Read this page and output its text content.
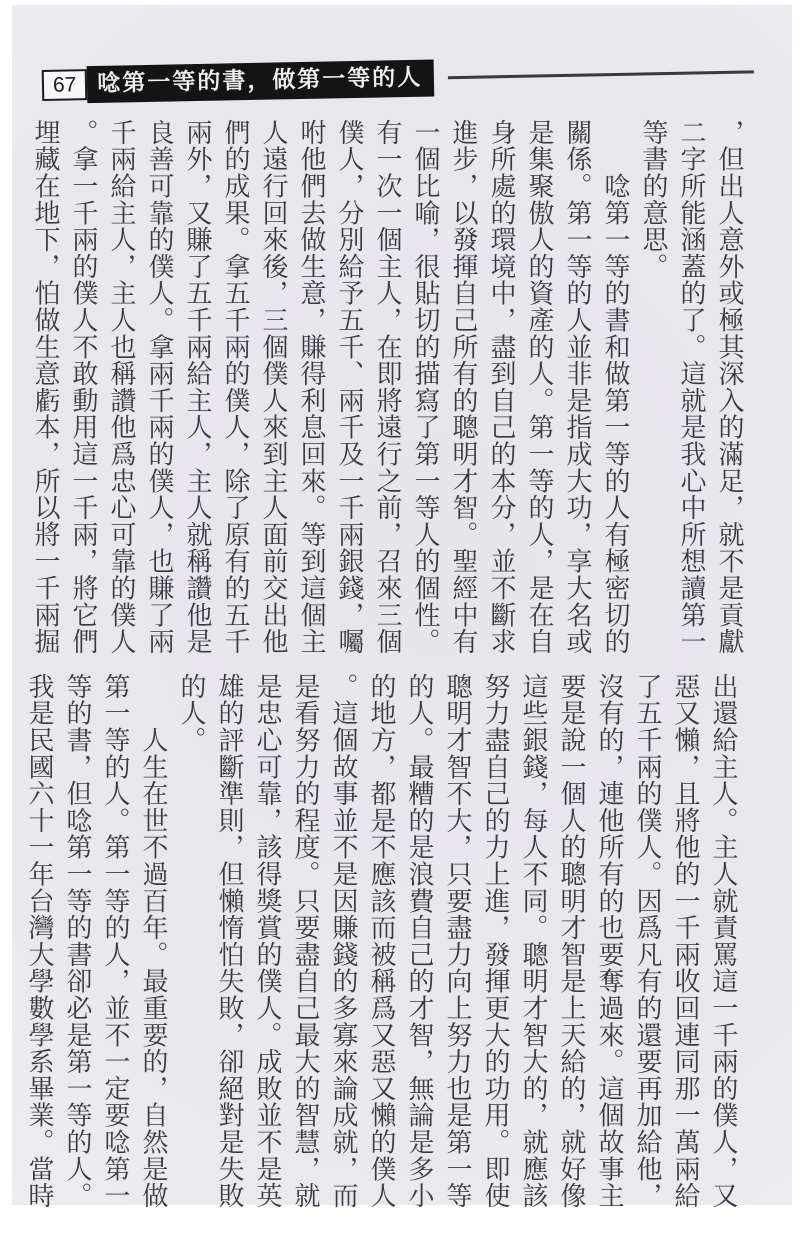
67 唸第一等的書，做第一等的人
，但出人意外或極其深入的滿足，就不是貢獻
二字所能涵蓋的了。這就是我心中所想讀第一
等書的意思。
　　唸第一等的書和做第一等的人有極密切的
關係。第一等的人並非是指成大功，享大名或
是集聚傲人的資產的人。第一等的人，是在自
身所處的環境中，盡到自己的本分，並不斷求
進步，以發揮自己所有的聰明才智。聖經中有
一個比喻，很貼切的描寫了第一等人的個性。
有一次一個主人，在即將遠行之前，召來三個
僕人，分別給予五千、兩千及一千兩銀錢，囑
咐他們去做生意，賺得利息回來。等到這個主
人遠行回來後，三個僕人來到主人面前交出他
們的成果。拿五千兩的僕人，除了原有的五千
兩外，又賺了五千兩給主人，主人就稱讚他是
良善可靠的僕人。拿兩千兩的僕人，也賺了兩
千兩給主人，主人也稱讚他爲忠心可靠的僕人
。拿一千兩的僕人不敢動用這一千兩，將它們
埋藏在地下，怕做生意虧本，所以將一千兩掘
出還給主人。主人就責罵這一千兩的僕人，又
惡又懶，且將他的一千兩收回連同那一萬兩給
了五千兩的僕人。因爲凡有的還要再加給他，
沒有的，連他所有的也要奪過來。這個故事主
要是說一個人的聰明才智是上天給的，就好像
這些銀錢，每人不同。聰明才智大的，就應該
努力盡自己的力上進，發揮更大的功用。即使
聰明才智不大，只要盡力向上努力也是第一等
的人。最糟的是浪費自己的才智，無論是多小
的地方，都是不應該而被稱爲又惡又懶的僕人
。這個故事並不是因賺錢的多寡來論成就，而
是看努力的程度。只要盡自己最大的智慧，就
是忠心可靠，該得獎賞的僕人。成敗並不是英
雄的評斷準則，但懶惰怕失敗，卻絕對是失敗
的人。
　　人生在世不過百年。最重要的，自然是做
第一等的人。第一等的人，並不一定要唸第一
等的書，但唸第一等的書卻必是第一等的人。
我是民國六十一年台灣大學數學系畢業。當時
